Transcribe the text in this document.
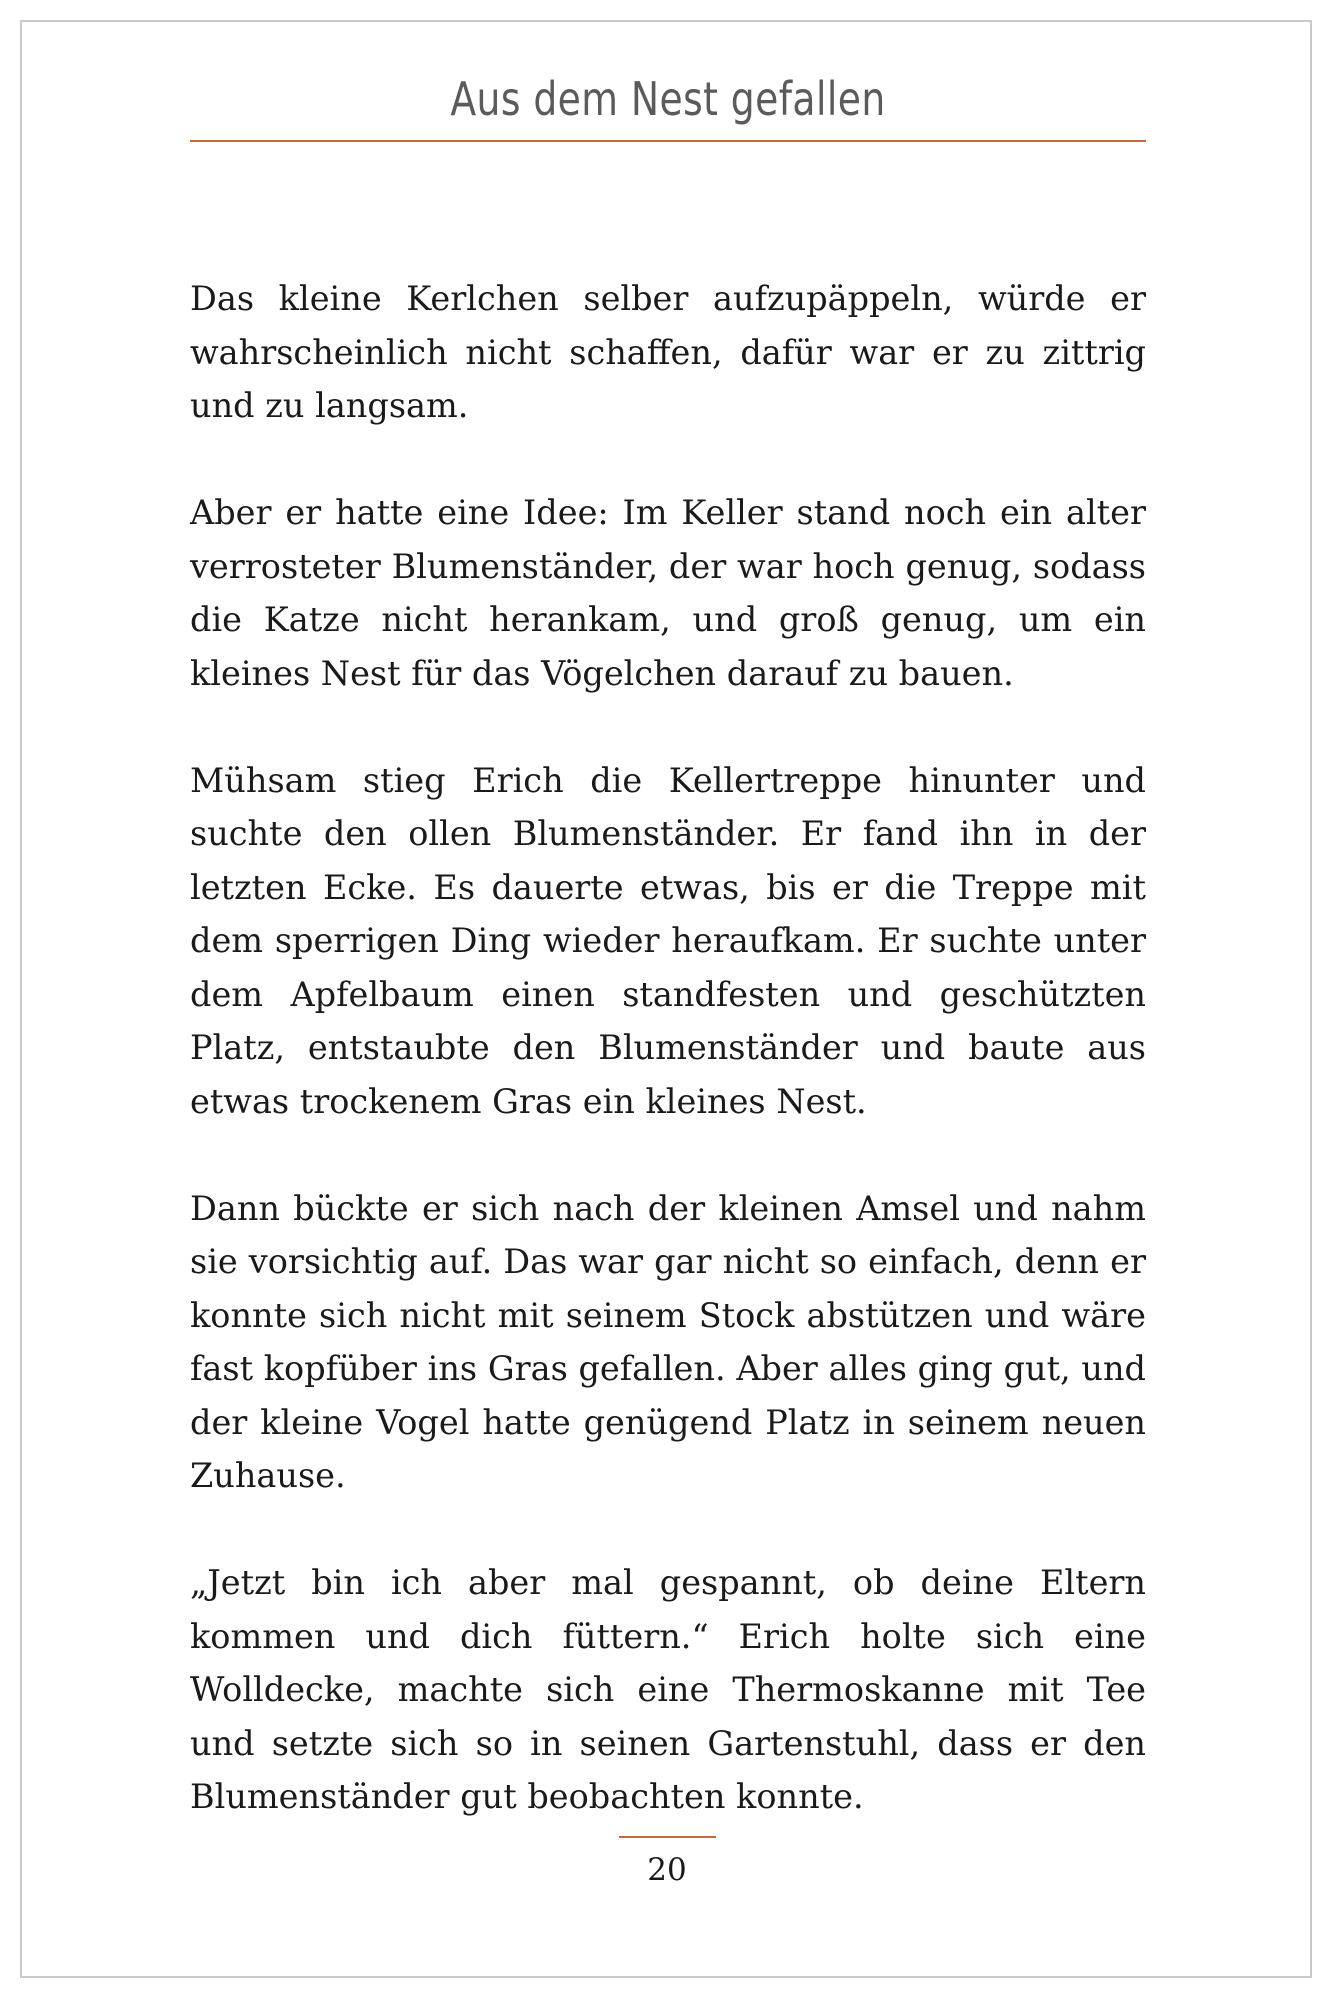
Aus dem Nest gefallen

Das kleine Kerlchen selber aufzupäppeln, würde er wahrscheinlich nicht schaffen, dafür war er zu zittrig und zu langsam.

Aber er hatte eine Idee: Im Keller stand noch ein alter verrosteter Blumenständer, der war hoch genug, sodass die Katze nicht herankam, und groß genug, um ein kleines Nest für das Vögelchen darauf zu bauen.

Mühsam stieg Erich die Kellertreppe hinunter und suchte den ollen Blumenständer. Er fand ihn in der letzten Ecke. Es dauerte etwas, bis er die Treppe mit dem sperrigen Ding wieder heraufkam. Er suchte unter dem Apfelbaum einen standfesten und geschützten Platz, entstaubte den Blumenständer und baute aus etwas trockenem Gras ein kleines Nest.

Dann bückte er sich nach der kleinen Amsel und nahm sie vorsichtig auf. Das war gar nicht so einfach, denn er konnte sich nicht mit seinem Stock abstützen und wäre fast kopfüber ins Gras gefallen. Aber alles ging gut, und der kleine Vogel hatte genügend Platz in seinem neuen Zuhause.

„Jetzt bin ich aber mal gespannt, ob deine Eltern kommen und dich füttern.“ Erich holte sich eine Wolldecke, machte sich eine Thermoskanne mit Tee und setzte sich so in seinen Gartenstuhl, dass er den Blumenständer gut beobachten konnte.

20
